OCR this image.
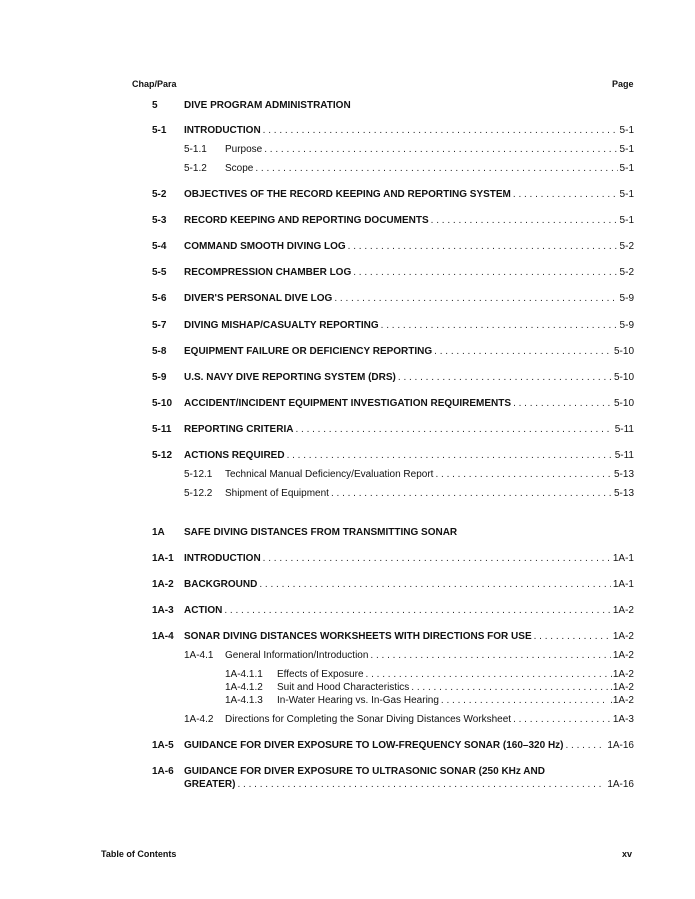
Chap/Para	Page
5	DIVE PROGRAM ADMINISTRATION
5-1 INTRODUCTION . . .	5-1
5-1.1 Purpose . . .	5-1
5-1.2 Scope . . .	5-1
5-2 OBJECTIVES OF THE RECORD KEEPING AND REPORTING SYSTEM . . .	5-1
5-3 RECORD KEEPING AND REPORTING DOCUMENTS . . .	5-1
5-4 COMMAND SMOOTH DIVING LOG . . .	5-2
5-5 RECOMPRESSION CHAMBER LOG . . .	5-2
5-6 DIVER'S PERSONAL DIVE LOG . . .	5-9
5-7 DIVING MISHAP/CASUALTY REPORTING . . .	5-9
5-8 EQUIPMENT FAILURE OR DEFICIENCY REPORTING . . .	5-10
5-9 U.S. NAVY DIVE REPORTING SYSTEM (DRS) . . .	5-10
5-10 ACCIDENT/INCIDENT EQUIPMENT INVESTIGATION REQUIREMENTS . . .	5-10
5-11 REPORTING CRITERIA . . .	5-11
5-12 ACTIONS REQUIRED . . .	5-11
5-12.1 Technical Manual Deficiency/Evaluation Report . . .	5-13
5-12.2 Shipment of Equipment . . .	5-13
1A SAFE DIVING DISTANCES FROM TRANSMITTING SONAR
1A-1 INTRODUCTION . . .	1A-1
1A-2 BACKGROUND . . .	1A-1
1A-3 ACTION . . .	1A-2
1A-4 SONAR DIVING DISTANCES WORKSHEETS WITH DIRECTIONS FOR USE . . .	1A-2
1A-4.1 General Information/Introduction . . .	1A-2
1A-4.1.1 Effects of Exposure . . .	.1A-2
1A-4.1.2 Suit and Hood Characteristics . . .	.1A-2
1A-4.1.3 In-Water Hearing vs. In-Gas Hearing . . .	.1A-2
1A-4.2 Directions for Completing the Sonar Diving Distances Worksheet . . .	1A-3
1A-5 GUIDANCE FOR DIVER EXPOSURE TO LOW-FREQUENCY SONAR (160–320 Hz) . . .	1A-16
1A-6 GUIDANCE FOR DIVER EXPOSURE TO ULTRASONIC SONAR (250 KHz AND
GREATER) . . .	1A-16
Table of Contents	xv
